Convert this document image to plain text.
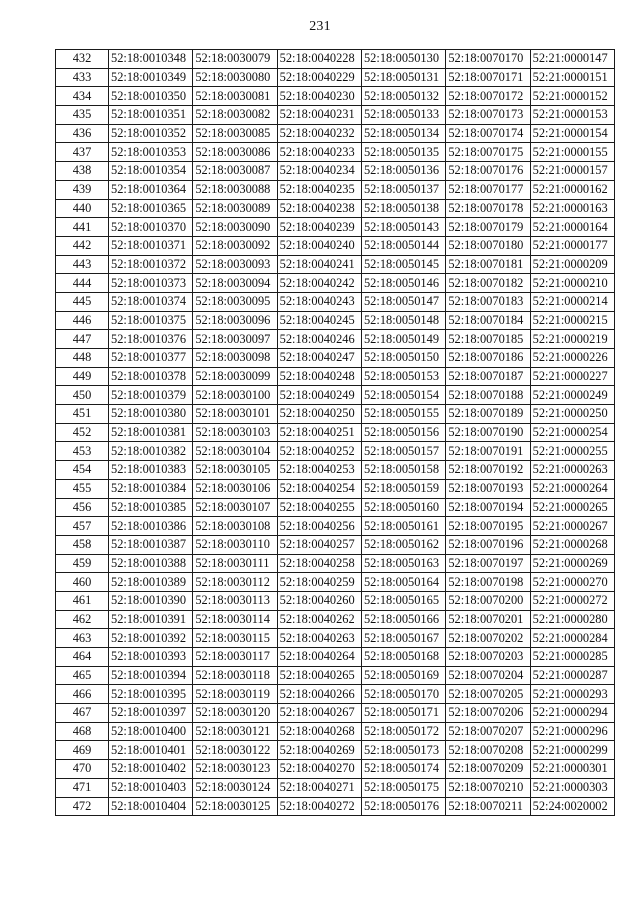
231
432	52:18:0010348	52:18:0030079	52:18:0040228	52:18:0050130	52:18:0070170	52:21:0000147
433	52:18:0010349	52:18:0030080	52:18:0040229	52:18:0050131	52:18:0070171	52:21:0000151
434	52:18:0010350	52:18:0030081	52:18:0040230	52:18:0050132	52:18:0070172	52:21:0000152
435	52:18:0010351	52:18:0030082	52:18:0040231	52:18:0050133	52:18:0070173	52:21:0000153
436	52:18:0010352	52:18:0030085	52:18:0040232	52:18:0050134	52:18:0070174	52:21:0000154
437	52:18:0010353	52:18:0030086	52:18:0040233	52:18:0050135	52:18:0070175	52:21:0000155
438	52:18:0010354	52:18:0030087	52:18:0040234	52:18:0050136	52:18:0070176	52:21:0000157
439	52:18:0010364	52:18:0030088	52:18:0040235	52:18:0050137	52:18:0070177	52:21:0000162
440	52:18:0010365	52:18:0030089	52:18:0040238	52:18:0050138	52:18:0070178	52:21:0000163
441	52:18:0010370	52:18:0030090	52:18:0040239	52:18:0050143	52:18:0070179	52:21:0000164
442	52:18:0010371	52:18:0030092	52:18:0040240	52:18:0050144	52:18:0070180	52:21:0000177
443	52:18:0010372	52:18:0030093	52:18:0040241	52:18:0050145	52:18:0070181	52:21:0000209
444	52:18:0010373	52:18:0030094	52:18:0040242	52:18:0050146	52:18:0070182	52:21:0000210
445	52:18:0010374	52:18:0030095	52:18:0040243	52:18:0050147	52:18:0070183	52:21:0000214
446	52:18:0010375	52:18:0030096	52:18:0040245	52:18:0050148	52:18:0070184	52:21:0000215
447	52:18:0010376	52:18:0030097	52:18:0040246	52:18:0050149	52:18:0070185	52:21:0000219
448	52:18:0010377	52:18:0030098	52:18:0040247	52:18:0050150	52:18:0070186	52:21:0000226
449	52:18:0010378	52:18:0030099	52:18:0040248	52:18:0050153	52:18:0070187	52:21:0000227
450	52:18:0010379	52:18:0030100	52:18:0040249	52:18:0050154	52:18:0070188	52:21:0000249
451	52:18:0010380	52:18:0030101	52:18:0040250	52:18:0050155	52:18:0070189	52:21:0000250
452	52:18:0010381	52:18:0030103	52:18:0040251	52:18:0050156	52:18:0070190	52:21:0000254
453	52:18:0010382	52:18:0030104	52:18:0040252	52:18:0050157	52:18:0070191	52:21:0000255
454	52:18:0010383	52:18:0030105	52:18:0040253	52:18:0050158	52:18:0070192	52:21:0000263
455	52:18:0010384	52:18:0030106	52:18:0040254	52:18:0050159	52:18:0070193	52:21:0000264
456	52:18:0010385	52:18:0030107	52:18:0040255	52:18:0050160	52:18:0070194	52:21:0000265
457	52:18:0010386	52:18:0030108	52:18:0040256	52:18:0050161	52:18:0070195	52:21:0000267
458	52:18:0010387	52:18:0030110	52:18:0040257	52:18:0050162	52:18:0070196	52:21:0000268
459	52:18:0010388	52:18:0030111	52:18:0040258	52:18:0050163	52:18:0070197	52:21:0000269
460	52:18:0010389	52:18:0030112	52:18:0040259	52:18:0050164	52:18:0070198	52:21:0000270
461	52:18:0010390	52:18:0030113	52:18:0040260	52:18:0050165	52:18:0070200	52:21:0000272
462	52:18:0010391	52:18:0030114	52:18:0040262	52:18:0050166	52:18:0070201	52:21:0000280
463	52:18:0010392	52:18:0030115	52:18:0040263	52:18:0050167	52:18:0070202	52:21:0000284
464	52:18:0010393	52:18:0030117	52:18:0040264	52:18:0050168	52:18:0070203	52:21:0000285
465	52:18:0010394	52:18:0030118	52:18:0040265	52:18:0050169	52:18:0070204	52:21:0000287
466	52:18:0010395	52:18:0030119	52:18:0040266	52:18:0050170	52:18:0070205	52:21:0000293
467	52:18:0010397	52:18:0030120	52:18:0040267	52:18:0050171	52:18:0070206	52:21:0000294
468	52:18:0010400	52:18:0030121	52:18:0040268	52:18:0050172	52:18:0070207	52:21:0000296
469	52:18:0010401	52:18:0030122	52:18:0040269	52:18:0050173	52:18:0070208	52:21:0000299
470	52:18:0010402	52:18:0030123	52:18:0040270	52:18:0050174	52:18:0070209	52:21:0000301
471	52:18:0010403	52:18:0030124	52:18:0040271	52:18:0050175	52:18:0070210	52:21:0000303
472	52:18:0010404	52:18:0030125	52:18:0040272	52:18:0050176	52:18:0070211	52:24:0020002
